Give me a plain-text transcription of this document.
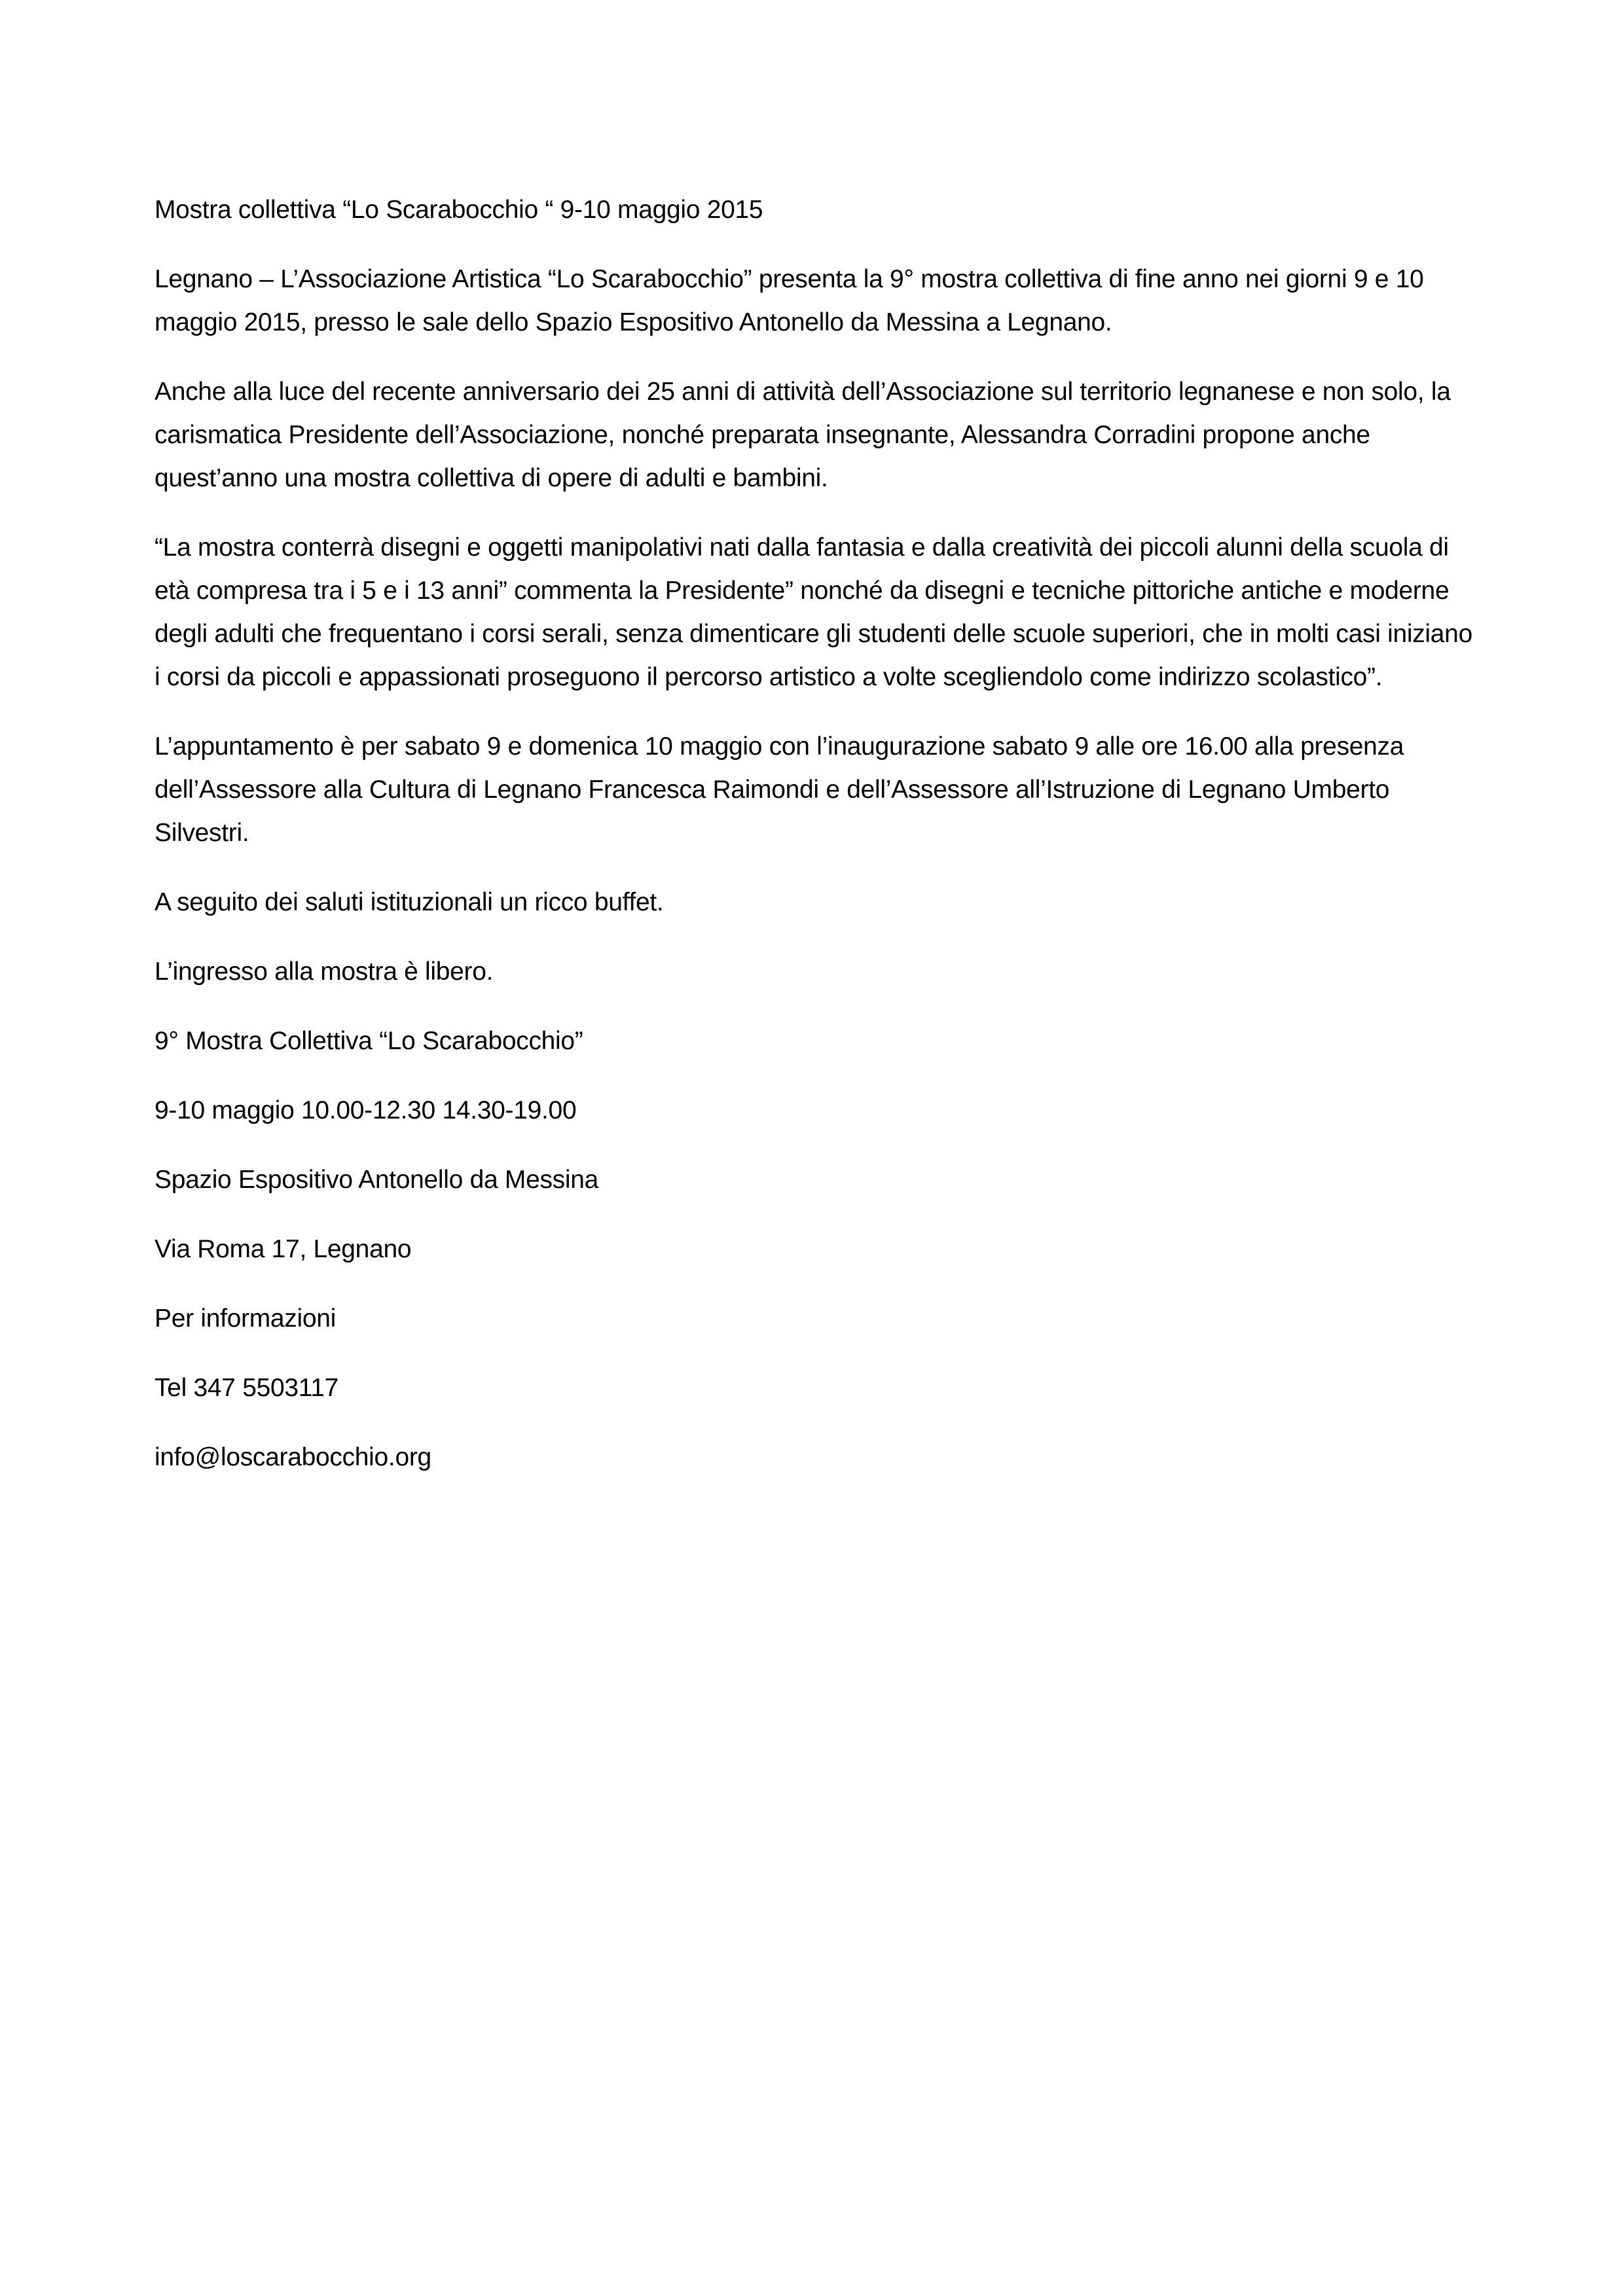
Mostra collettiva “Lo Scarabocchio “ 9-10 maggio 2015

Legnano – L’Associazione Artistica “Lo Scarabocchio” presenta la 9° mostra collettiva di fine anno nei giorni 9 e 10 maggio 2015, presso le sale dello Spazio Espositivo Antonello da Messina a Legnano.

Anche alla luce del recente anniversario dei 25 anni di attività dell’Associazione sul territorio legnanese e non solo, la carismatica Presidente dell’Associazione, nonché preparata insegnante, Alessandra Corradini propone anche quest’anno una mostra collettiva di opere di adulti e bambini.

“La mostra conterrà disegni e oggetti manipolativi nati dalla fantasia e dalla creatività dei piccoli alunni della scuola di età compresa tra i 5 e i 13 anni” commenta la Presidente” nonché da disegni e tecniche pittoriche antiche e moderne degli adulti che frequentano i corsi serali, senza dimenticare gli studenti delle scuole superiori, che in molti casi iniziano i corsi da piccoli e appassionati proseguono il percorso artistico a volte scegliendolo come indirizzo scolastico”.

L’appuntamento è per sabato 9 e domenica 10 maggio con l’inaugurazione sabato 9 alle ore 16.00 alla presenza dell’Assessore alla Cultura di Legnano Francesca Raimondi e dell’Assessore all’Istruzione di Legnano Umberto Silvestri.

A seguito dei saluti istituzionali un ricco buffet.

L’ingresso alla mostra è libero.

9° Mostra Collettiva “Lo Scarabocchio”

9-10 maggio 10.00-12.30 14.30-19.00

Spazio Espositivo Antonello da Messina

Via Roma 17, Legnano

Per informazioni

Tel 347 5503117

info@loscarabocchio.org
